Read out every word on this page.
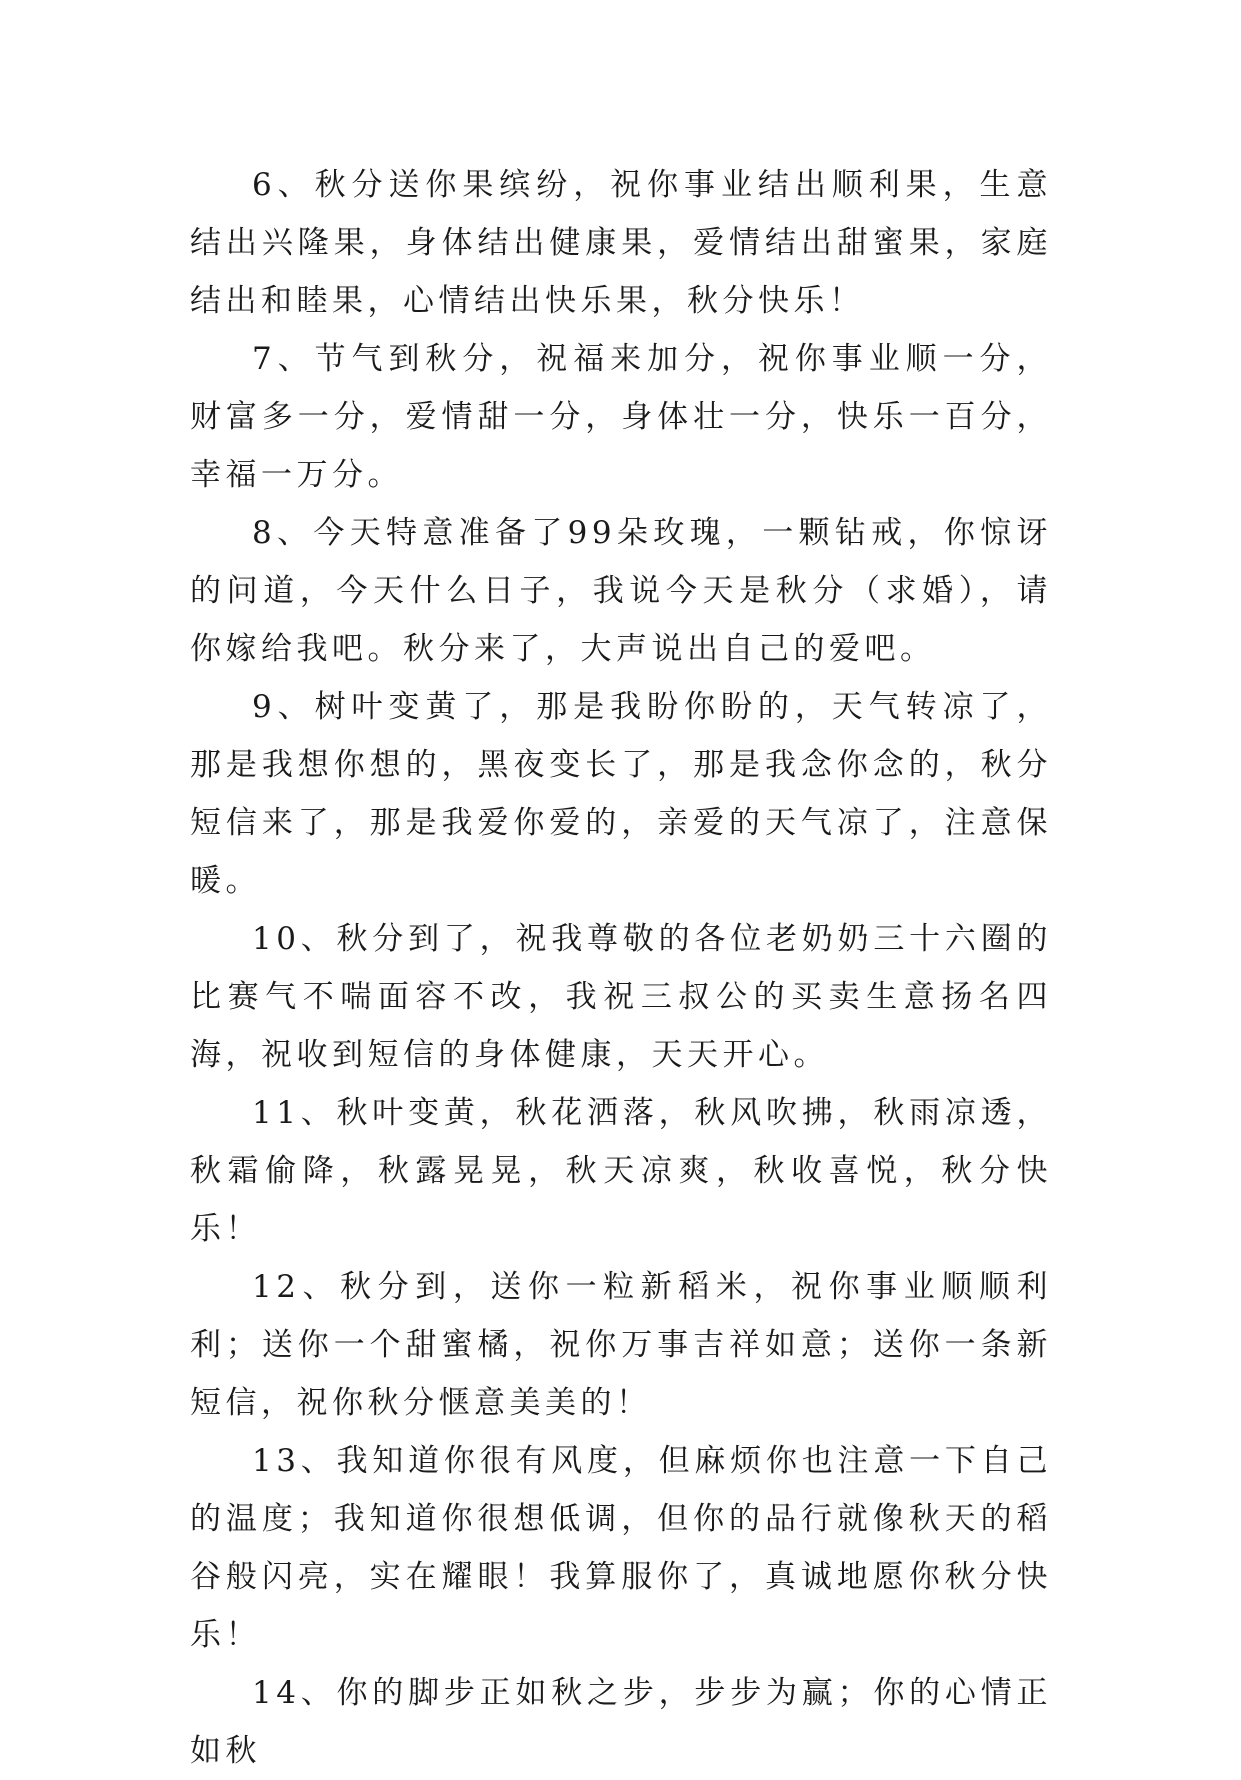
6、秋分送你果缤纷，祝你事业结出顺利果，生意结出兴隆果，身体结出健康果，爱情结出甜蜜果，家庭结出和睦果，心情结出快乐果，秋分快乐！

7、节气到秋分，祝福来加分，祝你事业顺一分，财富多一分，爱情甜一分，身体壮一分，快乐一百分，幸福一万分。

8、今天特意准备了99朵玫瑰，一颗钻戒，你惊讶的问道，今天什么日子，我说今天是秋分（求婚），请你嫁给我吧。秋分来了，大声说出自己的爱吧。

9、树叶变黄了，那是我盼你盼的，天气转凉了，那是我想你想的，黑夜变长了，那是我念你念的，秋分短信来了，那是我爱你爱的，亲爱的天气凉了，注意保暖。

10、秋分到了，祝我尊敬的各位老奶奶三十六圈的比赛气不喘面容不改，我祝三叔公的买卖生意扬名四海，祝收到短信的身体健康，天天开心。

11、秋叶变黄，秋花洒落，秋风吹拂，秋雨凉透，秋霜偷降，秋露晃晃，秋天凉爽，秋收喜悦，秋分快乐！

12、秋分到，送你一粒新稻米，祝你事业顺顺利利；送你一个甜蜜橘，祝你万事吉祥如意；送你一条新短信，祝你秋分惬意美美的！

13、我知道你很有风度，但麻烦你也注意一下自己的温度；我知道你很想低调，但你的品行就像秋天的稻谷般闪亮，实在耀眼！我算服你了，真诚地愿你秋分快乐！

14、你的脚步正如秋之步，步步为赢；你的心情正如秋
